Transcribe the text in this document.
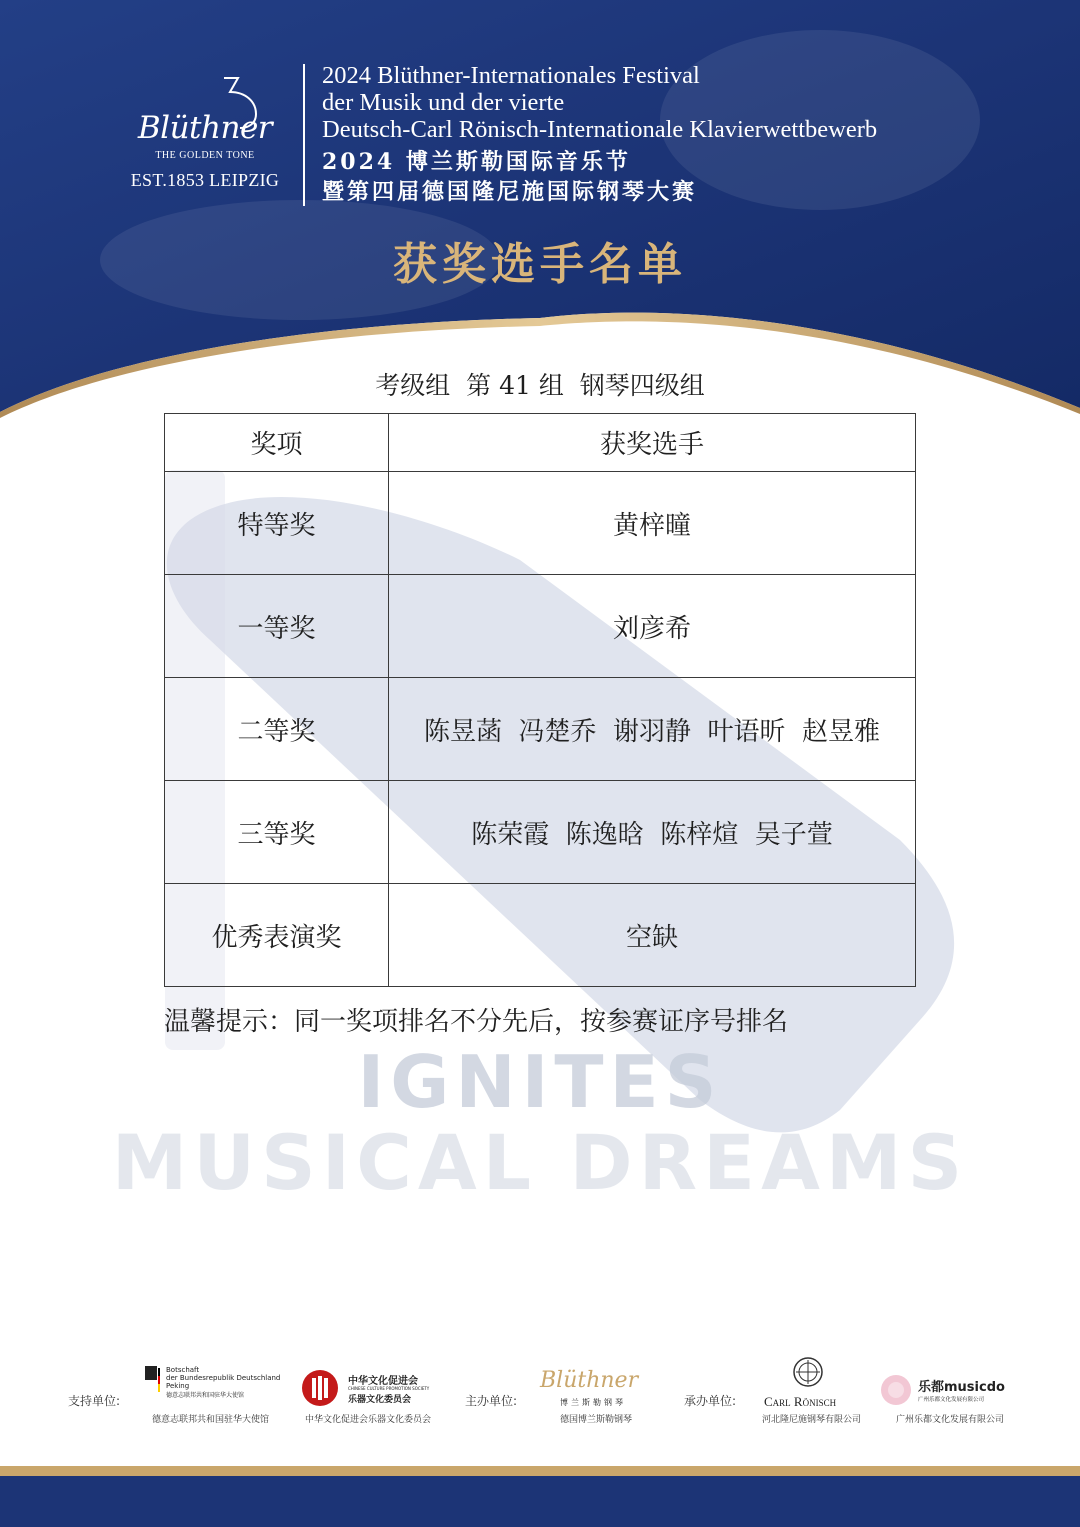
IGNITES
MUSICAL DREAMS
Blüthner
THE GOLDEN TONE
EST.1853 LEIPZIG
2024 Blüthner-Internationales Festival
der Musik und der vierte
Deutsch-Carl Rönisch-Internationale Klavierwettbewerb
2024 博兰斯勒国际音乐节
暨第四届德国隆尼施国际钢琴大赛
获奖选手名单
考级组  第 41 组  钢琴四级组
奖项	获奖选手
特等奖	黄梓曈
一等奖	刘彦希
二等奖	陈昱菡  冯楚乔  谢羽静  叶语昕  赵昱雅
三等奖	陈荣霞  陈逸晗  陈梓煊  吴子萱
优秀表演奖	空缺
温馨提示：同一奖项排名不分先后，按参赛证序号排名
支持单位:
Botschaft
der Bundesrepublik Deutschland
Peking
德意志联邦共和国驻华大使馆
德意志联邦共和国驻华大使馆
中华文化促进会
CHINESE CULTURE PROMOTION SOCIETY
乐器文化委员会
中华文化促进会乐器文化委员会
主办单位:
Blüthner
博兰斯勒钢琴
德国博兰斯勒钢琴
承办单位: Carl Rönisch
河北隆尼施钢琴有限公司
乐都musicdo
广州乐都文化发展有限公司
广州乐都文化发展有限公司
